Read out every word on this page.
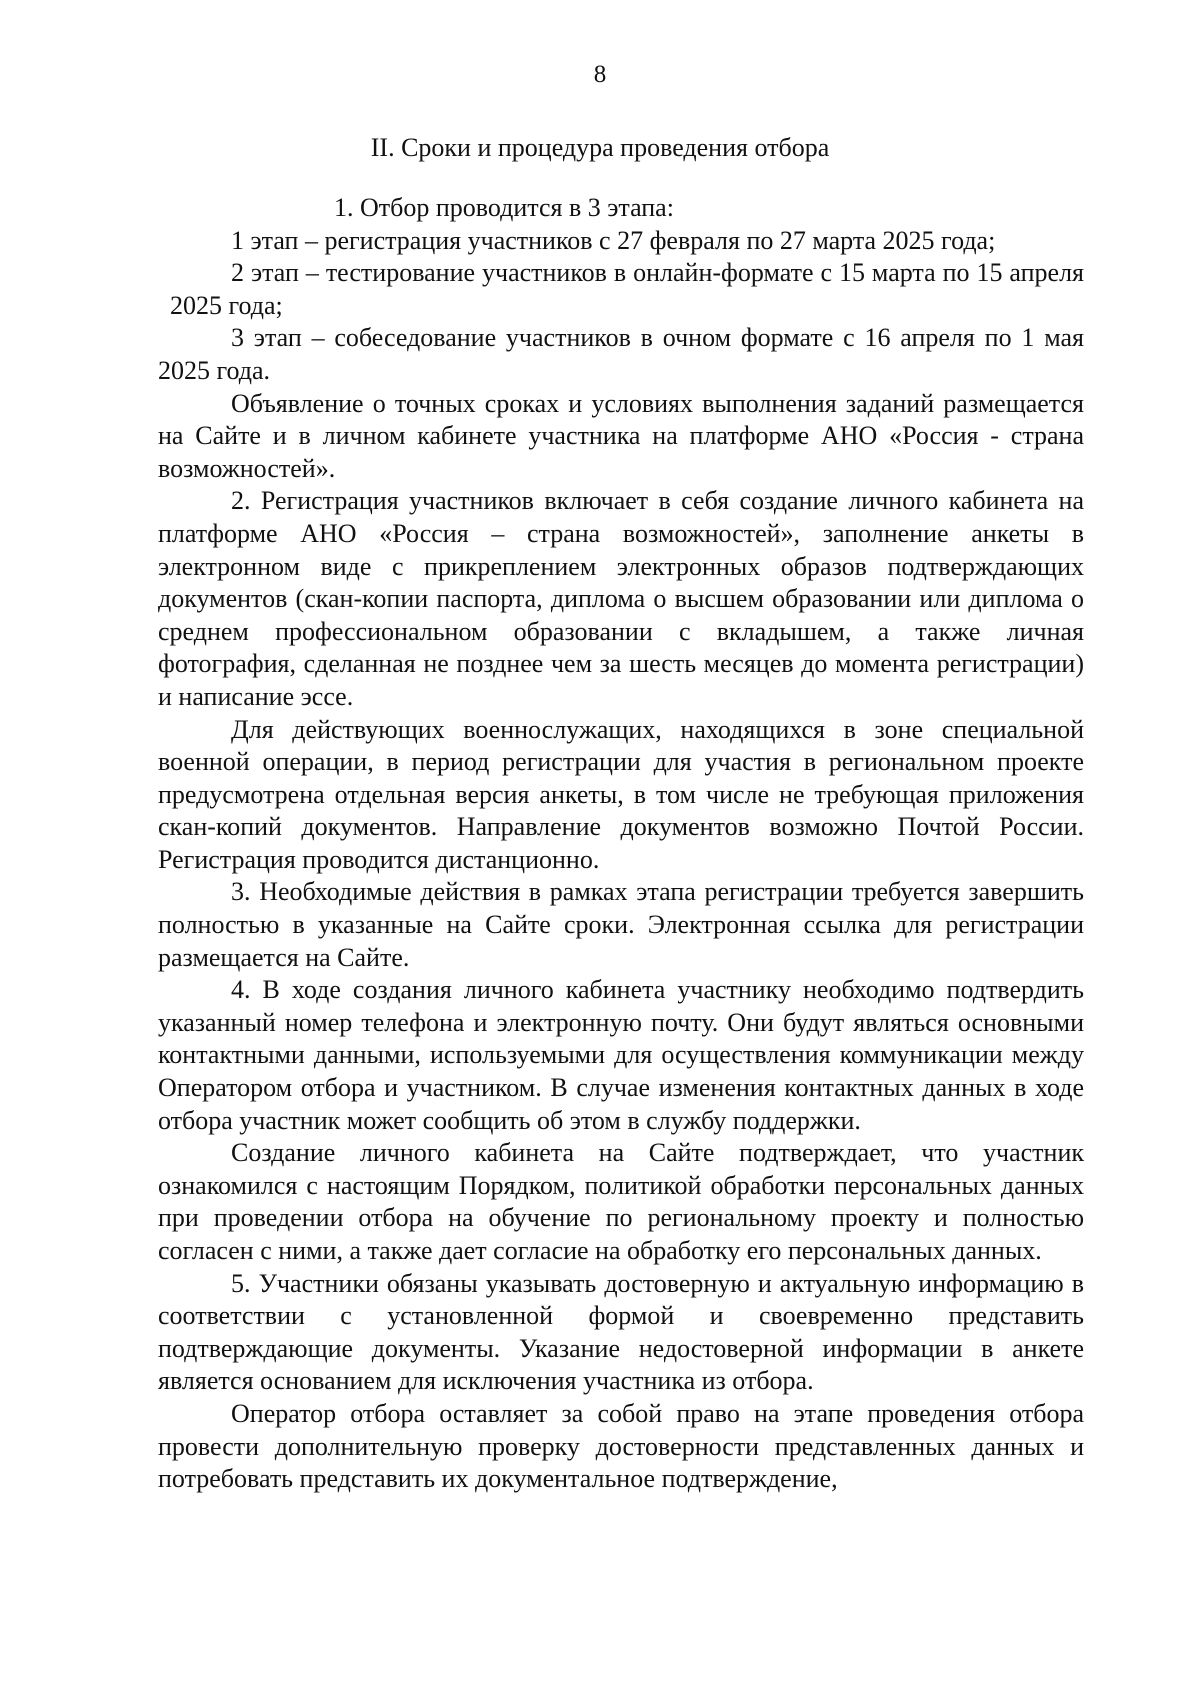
8
II. Сроки и процедура проведения отбора

1. Отбор проводится в 3 этапа:

1 этап – регистрация участников с 27 февраля по 27 марта 2025 года;

2 этап – тестирование участников в онлайн-формате с 15 марта по 15 апреля 2025 года;

3 этап – собеседование участников в очном формате с 16 апреля по 1 мая 2025 года.

Объявление о точных сроках и условиях выполнения заданий размещается на Сайте и в личном кабинете участника на платформе АНО «Россия - страна возможностей».

2. Регистрация участников включает в себя создание личного кабинета на платформе АНО «Россия – страна возможностей», заполнение анкеты в электронном виде с прикреплением электронных образов подтверждающих документов (скан-копии паспорта, диплома о высшем образовании или диплома о среднем профессиональном образовании с вкладышем, а также личная фотография, сделанная не позднее чем за шесть месяцев до момента регистрации) и написание эссе.

Для действующих военнослужащих, находящихся в зоне специальной военной операции, в период регистрации для участия в региональном проекте предусмотрена отдельная версия анкеты, в том числе не требующая приложения скан-копий документов. Направление документов возможно Почтой России. Регистрация проводится дистанционно.

3. Необходимые действия в рамках этапа регистрации требуется завершить полностью в указанные на Сайте сроки. Электронная ссылка для регистрации размещается на Сайте.

4. В ходе создания личного кабинета участнику необходимо подтвердить указанный номер телефона и электронную почту. Они будут являться основными контактными данными, используемыми для осуществления коммуникации между Оператором отбора и участником. В случае изменения контактных данных в ходе отбора участник может сообщить об этом в службу поддержки.

Создание личного кабинета на Сайте подтверждает, что участник ознакомился с настоящим Порядком, политикой обработки персональных данных при проведении отбора на обучение по региональному проекту и полностью согласен с ними, а также дает согласие на обработку его персональных данных.

5. Участники обязаны указывать достоверную и актуальную информацию в соответствии с установленной формой и своевременно представить подтверждающие документы. Указание недостоверной информации в анкете является основанием для исключения участника из отбора.

Оператор отбора оставляет за собой право на этапе проведения отбора провести дополнительную проверку достоверности представленных данных и потребовать представить их документальное подтверждение,
